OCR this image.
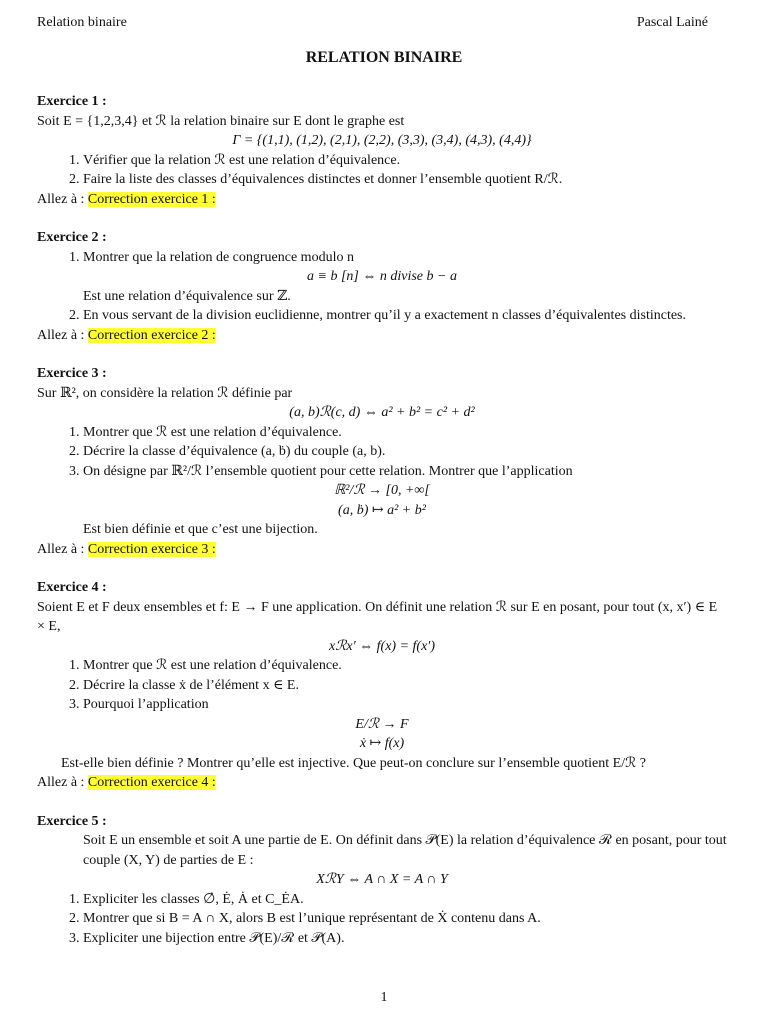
Relation binaire	Pascal Lainé
RELATION BINAIRE
Exercice 1 :

Soit E = {1,2,3,4} et ℛ la relation binaire sur E dont le graphe est

Γ = {(1,1), (1,2), (2,1), (2,2), (3,3), (3,4), (4,3), (4,4)}

1. Vérifier que la relation ℛ est une relation d’équivalence.
2. Faire la liste des classes d’équivalences distinctes et donner l’ensemble quotient R/ℛ.

Allez à : Correction exercice 1 :

Exercice 2 :
1. Montrer que la relation de congruence modulo n

a ≡ b [n] ⇔ n divise b − a

Est une relation d’équivalence sur ℤ.

2. En vous servant de la division euclidienne, montrer qu’il y a exactement n classes d’équivalentes distinctes.

Allez à : Correction exercice 2 :

Exercice 3 :

Sur ℝ², on considère la relation ℛ définie par

(a, b)ℛ(c, d) ⇔ a² + b² = c² + d²

1. Montrer que ℛ est une relation d’équivalence.
2. Décrire la classe d’équivalence (a, ḃ) du couple (a, b).
3. On désigne par ℝ²/ℛ l’ensemble quotient pour cette relation. Montrer que l’application

ℝ²/ℛ → [0, +∞[

(a, ḃ) ↦ a² + b²

Est bien définie et que c’est une bijection.

Allez à : Correction exercice 3 :

Exercice 4 :

Soient E et F deux ensembles et f: E → F une application. On définit une relation ℛ sur E en posant, pour tout (x, x′) ∈ E × E,

xℛx′ ⇔ f(x) = f(x′)

1. Montrer que ℛ est une relation d’équivalence.
2. Décrire la classe ẋ de l’élément x ∈ E.
3. Pourquoi l’application

E/ℛ → F

ẋ ↦ f(x)

Est-elle bien définie ? Montrer qu’elle est injective. Que peut-on conclure sur l’ensemble quotient E/ℛ ?

Allez à : Correction exercice 4 :

Exercice 5 :

Soit E un ensemble et soit A une partie de E. On définit dans 𝒫(E) la relation d’équivalence ℛ en posant, pour tout couple (X, Y) de parties de E :

XℛY ⇔ A ∩ X = A ∩ Y

1. Expliciter les classes ∅̇, Ė, Ȧ et C_ĖA.
2. Montrer que si B = A ∩ X, alors B est l’unique représentant de Ẋ contenu dans A.
3. Expliciter une bijection entre 𝒫(E)/ℛ et 𝒫(A).
1
